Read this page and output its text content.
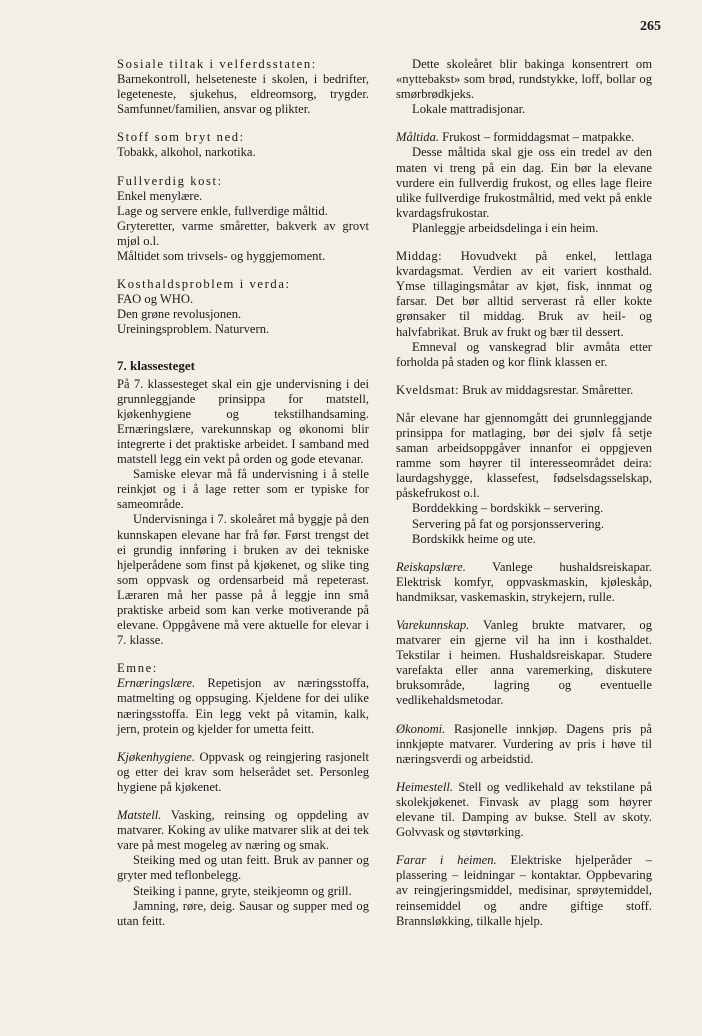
265

Sosiale tiltak i velferdsstaten:

Barnekontroll, helseteneste i skolen, i bedrifter, legeteneste, sjukehus, eldreomsorg, trygder. Samfunnet/familien, ansvar og plikter.

Stoff som bryt ned:

Tobakk, alkohol, narkotika.

Fullverdig kost:

Enkel menylære.

Lage og servere enkle, fullverdige måltid.

Gryteretter, varme småretter, bakverk av grovt mjøl o.l.

Måltidet som trivsels- og hyggjemoment.

Kosthaldsproblem i verda:

FAO og WHO.

Den grøne revolusjonen.

Ureiningsproblem. Naturvern.

7. klassesteget

På 7. klassesteget skal ein gje undervisning i dei grunnleggjande prinsippa for matstell, kjøkenhygiene og tekstilhandsaming. Ernæringslære, varekunnskap og økonomi blir integrerte i det praktiske arbeidet. I samband med matstell legg ein vekt på orden og gode etevanar.

Samiske elevar må få undervisning i å stelle reinkjøt og i å lage retter som er typiske for sameområde.

Undervisninga i 7. skoleåret må byggje på den kunnskapen elevane har frå før. Først trengst det ei grundig innføring i bruken av dei tekniske hjelperådene som finst på kjøkenet, og slike ting som oppvask og ordensarbeid må repeterast. Læraren må her passe på å leggje inn små praktiske arbeid som kan verke motiverande på elevane. Oppgåvene må vere aktuelle for elevar i 7. klasse.

Emne:

Ernæringslære. Repetisjon av næringsstoffa, matmelting og oppsuging. Kjeldene for dei ulike næringsstoffa. Ein legg vekt på vitamin, kalk, jern, protein og kjelder for umetta feitt.

Kjøkenhygiene. Oppvask og reingjering rasjonelt og etter dei krav som helserådet set. Personleg hygiene på kjøkenet.

Matstell. Vasking, reinsing og oppdeling av matvarer. Koking av ulike matvarer slik at dei tek vare på mest mogeleg av næring og smak.

Steiking med og utan feitt. Bruk av panner og gryter med teflonbelegg.

Steiking i panne, gryte, steikjeomn og grill.

Jamning, røre, deig. Sausar og supper med og utan feitt.

Dette skoleåret blir bakinga konsentrert om «nyttebakst» som brød, rundstykke, loff, bollar og smørbrødkjeks.

Lokale mattradisjonar.

Måltida. Frukost – formiddagsmat – matpakke.

Desse måltida skal gje oss ein tredel av den maten vi treng på ein dag. Ein bør la elevane vurdere ein fullverdig frukost, og elles lage fleire ulike fullverdige frukostmåltid, med vekt på enkle kvardagsfrukostar.

Planleggje arbeidsdelinga i ein heim.

Middag: Hovudvekt på enkel, lettlaga kvardagsmat. Verdien av eit variert kosthald. Ymse tillagingsmåtar av kjøt, fisk, innmat og farsar. Det bør alltid serverast rå eller kokte grønsaker til middag. Bruk av heil- og halvfabrikat. Bruk av frukt og bær til dessert.

Emneval og vanskegrad blir avmåta etter forholda på staden og kor flink klassen er.

Kveldsmat: Bruk av middagsrestar. Småretter.

Når elevane har gjennomgått dei grunnleggjande prinsippa for matlaging, bør dei sjølv få setje saman arbeidsoppgåver innanfor ei oppgjeven ramme som høyrer til interesseområdet deira: laurdagshygge, klassefest, fødselsdagsselskap, påskefrukost o.l.

Borddekking – bordskikk – servering.

Servering på fat og porsjonsservering.

Bordskikk heime og ute.

Reiskapslære. Vanlege hushaldsreiskapar. Elektrisk komfyr, oppvaskmaskin, kjøleskåp, handmiksar, vaskemaskin, strykejern, rulle.

Varekunnskap. Vanleg brukte matvarer, og matvarer ein gjerne vil ha inn i kosthaldet. Tekstilar i heimen. Hushaldsreiskapar. Studere varefakta eller anna varemerking, diskutere bruksområde, lagring og eventuelle vedlikehaldsmetodar.

Økonomi. Rasjonelle innkjøp. Dagens pris på innkjøpte matvarer. Vurdering av pris i høve til næringsverdi og arbeidstid.

Heimestell. Stell og vedlikehald av tekstilane på skolekjøkenet. Finvask av plagg som høyrer elevane til. Damping av bukse. Stell av skoty. Golvvask og støvtørking.

Farar i heimen. Elektriske hjelperåder – plassering – leidningar – kontaktar. Oppbevaring av reingjeringsmiddel, medisinar, sprøytemiddel, reinsemiddel og andre giftige stoff. Brannsløkking, tilkalle hjelp.
